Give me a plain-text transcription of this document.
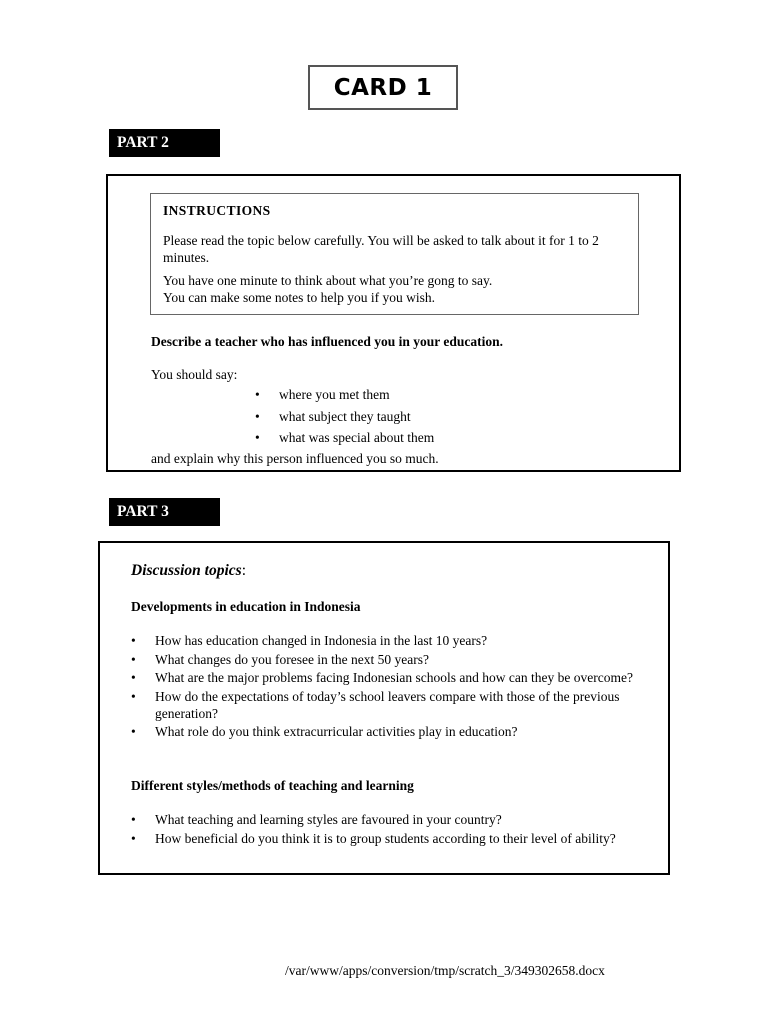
CARD 1
PART 2
INSTRUCTIONS

Please read the topic below carefully. You will be asked to talk about it for 1 to 2 minutes.

You have one minute to think about what you’re gong to say.

You can make some notes to help you if you wish.

Describe a teacher who has influenced you in your education.
You should say:
• where you met them
• what subject they taught
• what was special about them
and explain why this person influenced you so much.
PART 3
Discussion topics:
Developments in education in Indonesia
• How has education changed in Indonesia in the last 10 years?
• What changes do you foresee in the next 50 years?
• What are the major problems facing Indonesian schools and how can they be overcome?
• How do the expectations of today’s school leavers compare with those of the previous generation?
• What role do you think extracurricular activities play in education?
Different styles/methods of teaching and learning
• What teaching and learning styles are favoured in your country?
• How beneficial do you think it is to group students according to their level of ability?
/var/www/apps/conversion/tmp/scratch_3/349302658.docx
